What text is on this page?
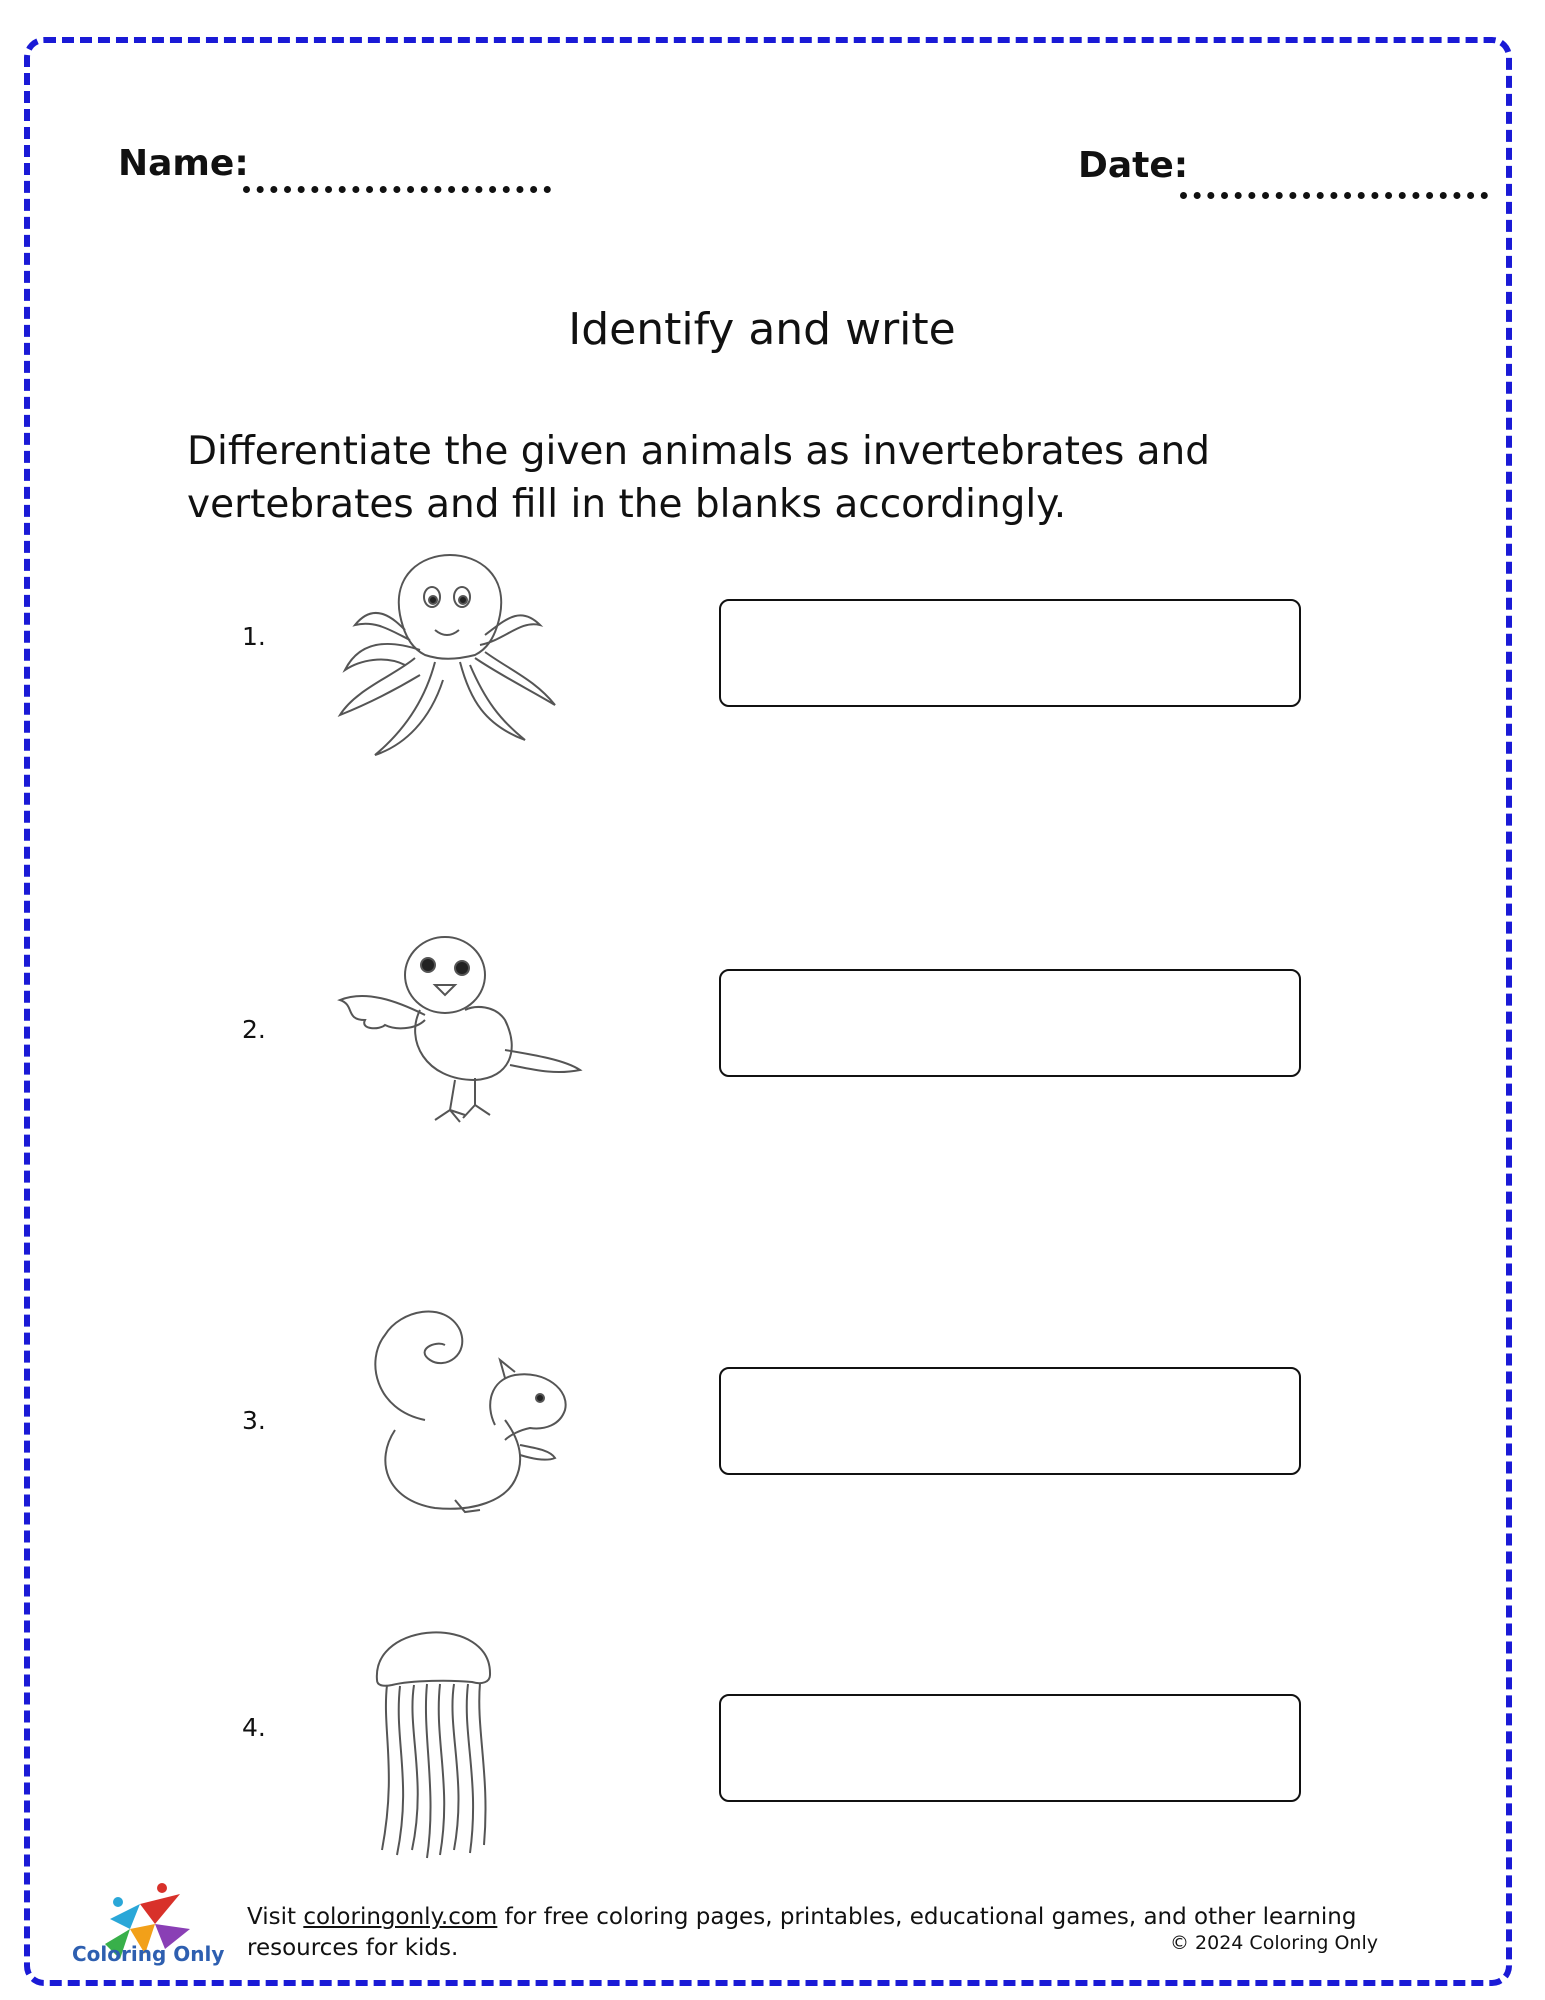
Name:	Date:
Identify and write
Differentiate the given animals as invertebrates and vertebrates and fill in the blanks accordingly.
1.
2.
3.
4.
Coloring Only
Visit coloringonly.com for free coloring pages, printables, educational games, and other learning resources for kids.	© 2024 Coloring Only
